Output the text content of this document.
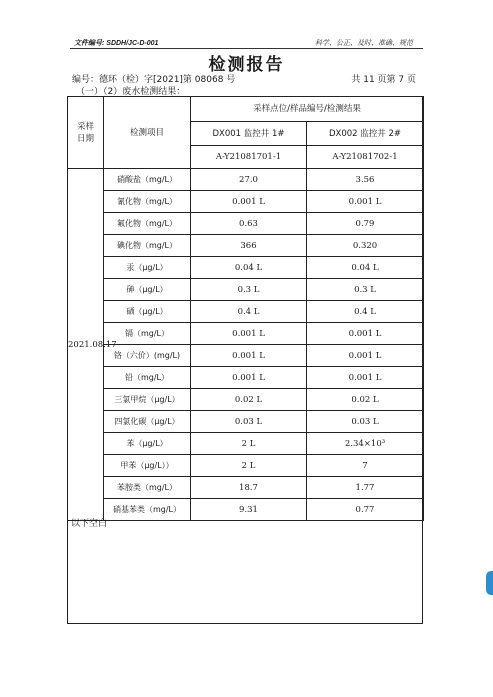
文件编号: SDDH/JC-D-001	科学、公正、及时、准确、规范
检测报告
编号：德环（检）字[2021]第 08068 号	共 11 页第 7 页
（一）（2）废水检测结果：
采样日期	检测项目	采样点位/样品编号/检测结果	
		DX001 监控井 1#	DX002 监控井 2#
		A-Y21081701-1	A-Y21081702-1
2021.08.17	硝酸盐（mg/L）	27.0	3.56
	氰化物（mg/L）	0.001 L	0.001 L
	氟化物（mg/L）	0.63	0.79
	碘化物（mg/L）	366	0.320
	汞（μg/L）	0.04 L	0.04 L
	砷（μg/L）	0.3 L	0.3 L
	硒（μg/L）	0.4 L	0.4 L
	镉（mg/L）	0.001 L	0.001 L
	铬（六价）(mg/L)	0.001 L	0.001 L
	铅（mg/L）	0.001 L	0.001 L
	三氯甲烷（μg/L）	0.02 L	0.02 L
	四氯化碳（μg/L）	0.03 L	0.03 L
	苯（μg/L）	2 L	2.34×10³
	甲苯（μg/L））	2 L	7
	苯胺类（mg/L）	18.7	1.77
	硝基苯类（mg/L）	9.31	0.77
以下空白
